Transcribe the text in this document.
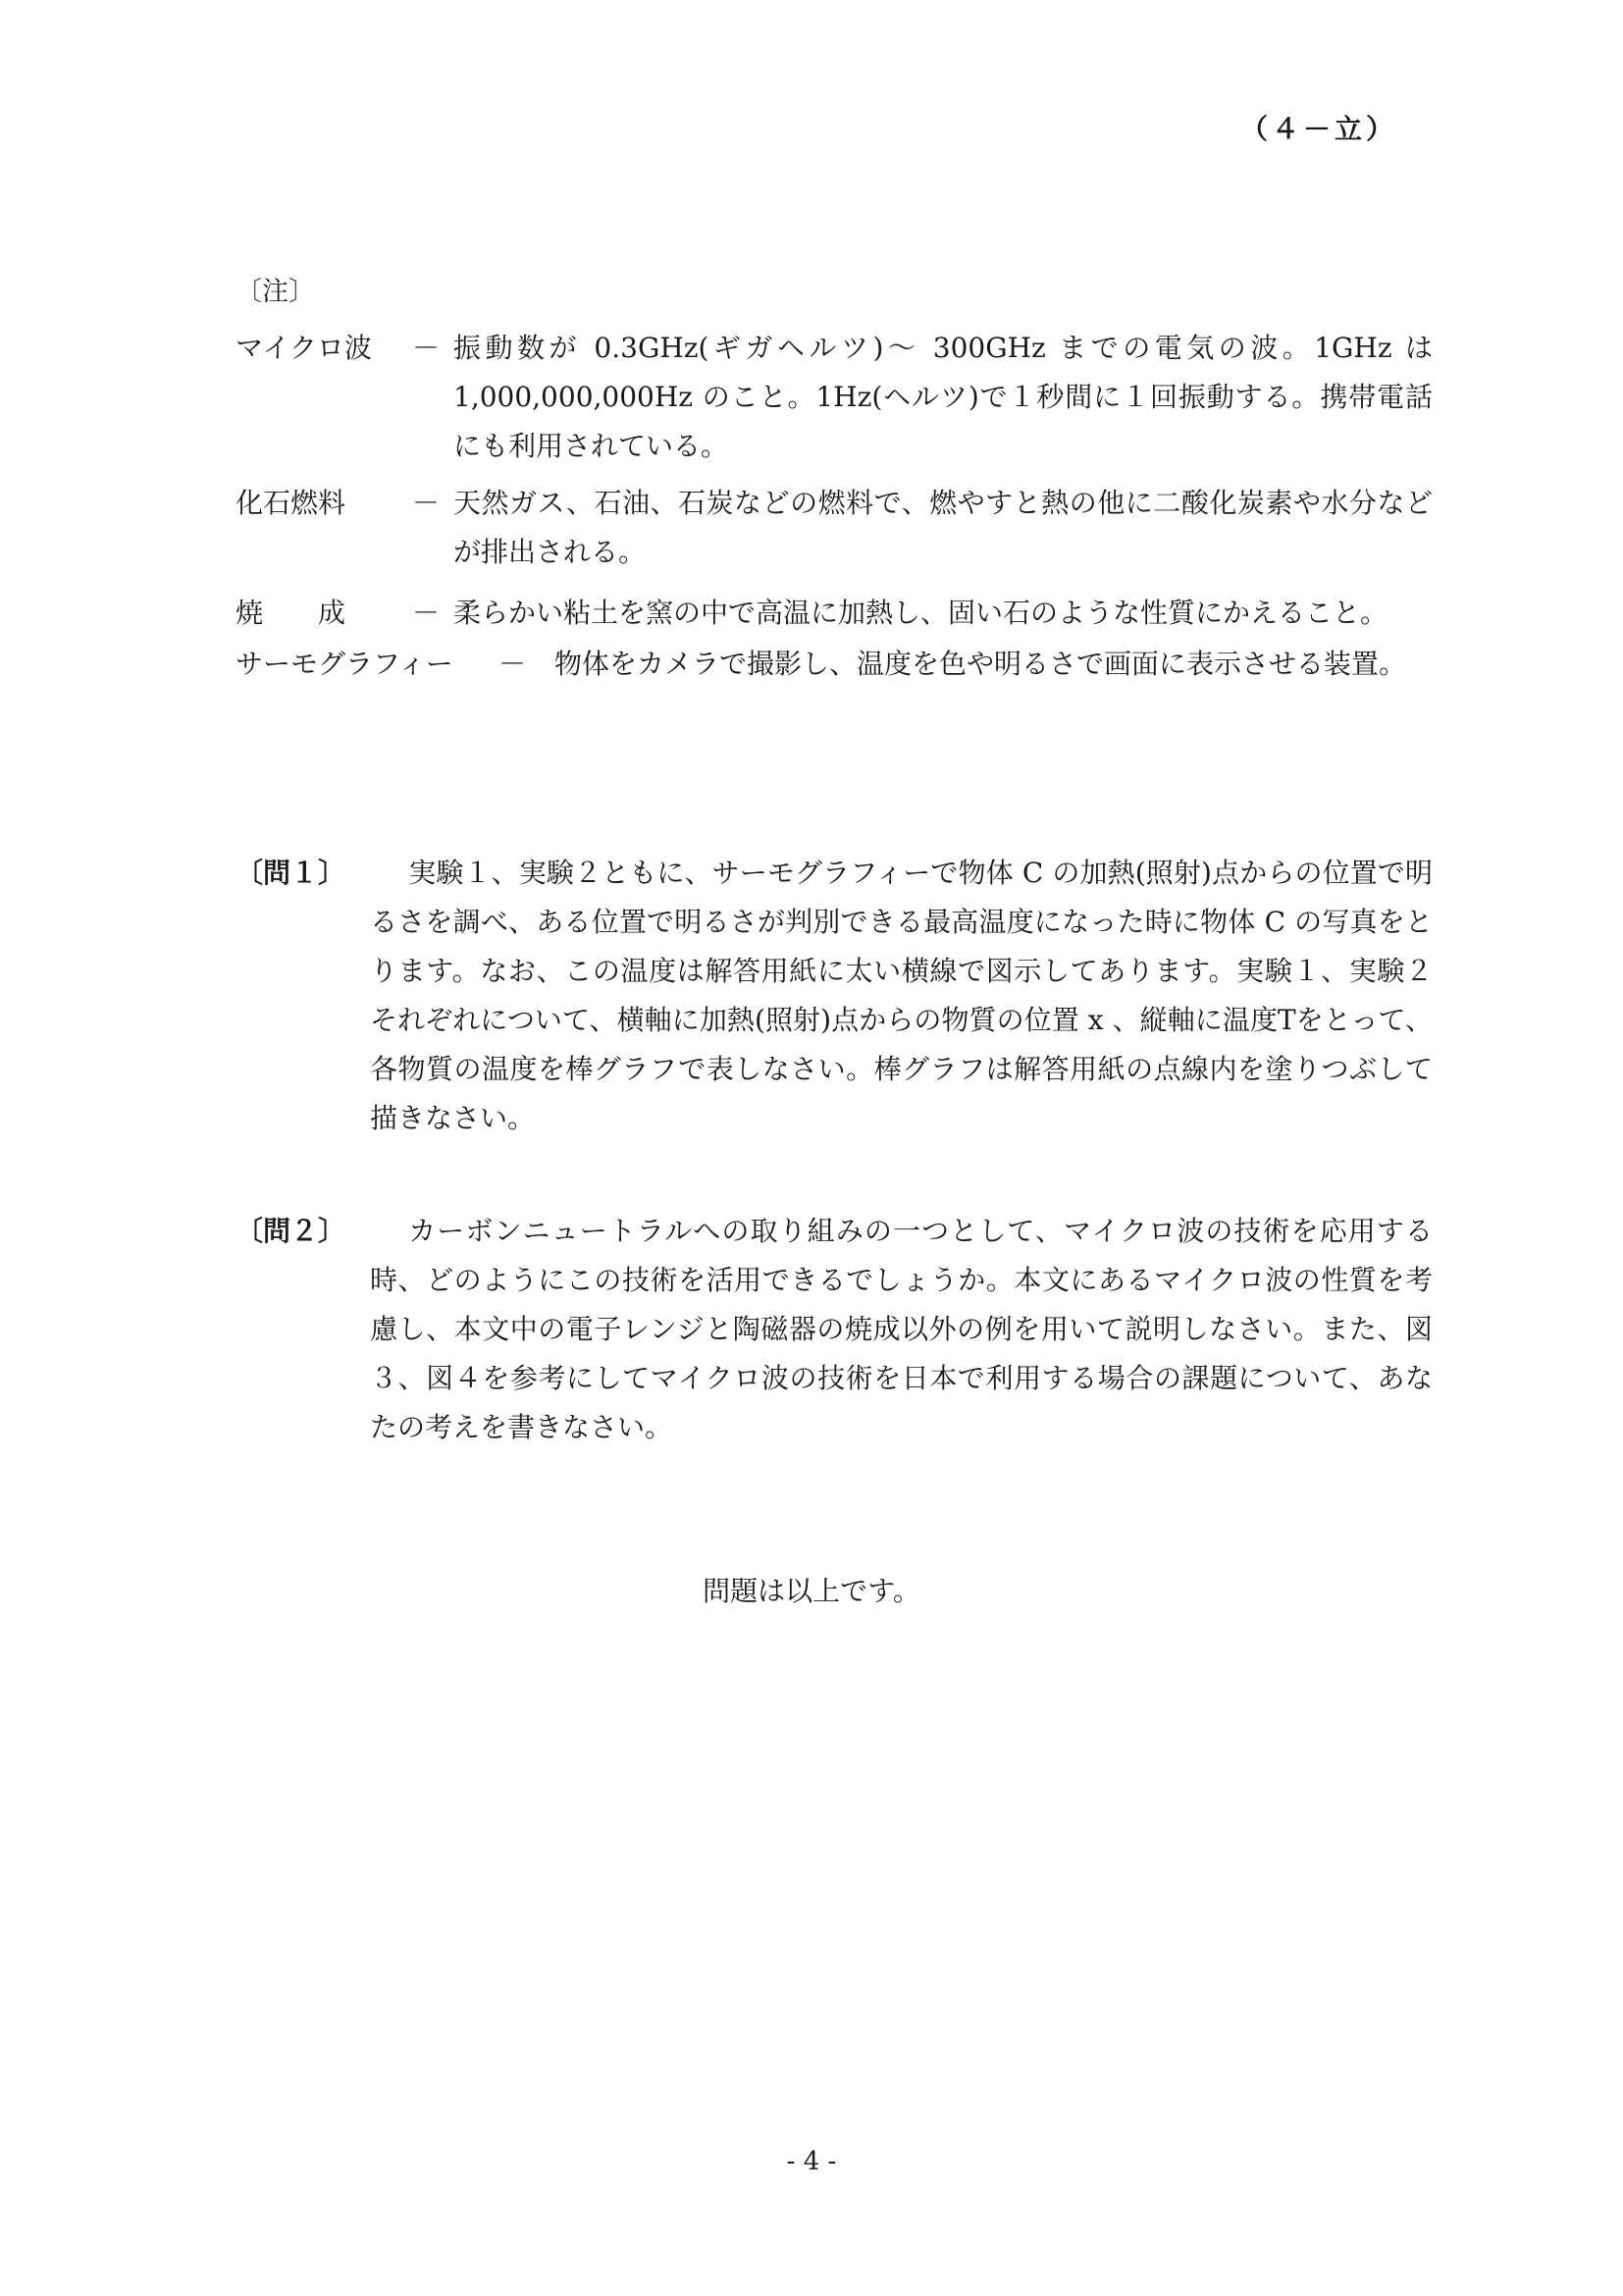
（４－立）
〔注〕
マイクロ波 － 振動数が 0.3GHz(ギガヘルツ)～ 300GHz までの電気の波。1GHz は 1,000,000,000Hz のこと。1Hz(ヘルツ)で１秒間に１回振動する。携帯電話にも利用されている。
化石燃料 － 天然ガス、石油、石炭などの燃料で、燃やすと熱の他に二酸化炭素や水分などが排出される。
焼　　成 － 柔らかい粘土を窯の中で高温に加熱し、固い石のような性質にかえること。
サーモグラフィー － 物体をカメラで撮影し、温度を色や明るさで画面に表示させる装置。
〔問１〕	実験１、実験２ともに、サーモグラフィーで物体 C の加熱(照射)点からの位置で明るさを調べ、ある位置で明るさが判別できる最高温度になった時に物体 C の写真をとります。なお、この温度は解答用紙に太い横線で図示してあります。実験１、実験２それぞれについて、横軸に加熱(照射)点からの物質の位置 x 、縦軸に温度Tをとって、各物質の温度を棒グラフで表しなさい。棒グラフは解答用紙の点線内を塗りつぶして描きなさい。
〔問２〕	カーボンニュートラルへの取り組みの一つとして、マイクロ波の技術を応用する時、どのようにこの技術を活用できるでしょうか。本文にあるマイクロ波の性質を考慮し、本文中の電子レンジと陶磁器の焼成以外の例を用いて説明しなさい。また、図３、図４を参考にしてマイクロ波の技術を日本で利用する場合の課題について、あなたの考えを書きなさい。
問題は以上です。
- 4 -
